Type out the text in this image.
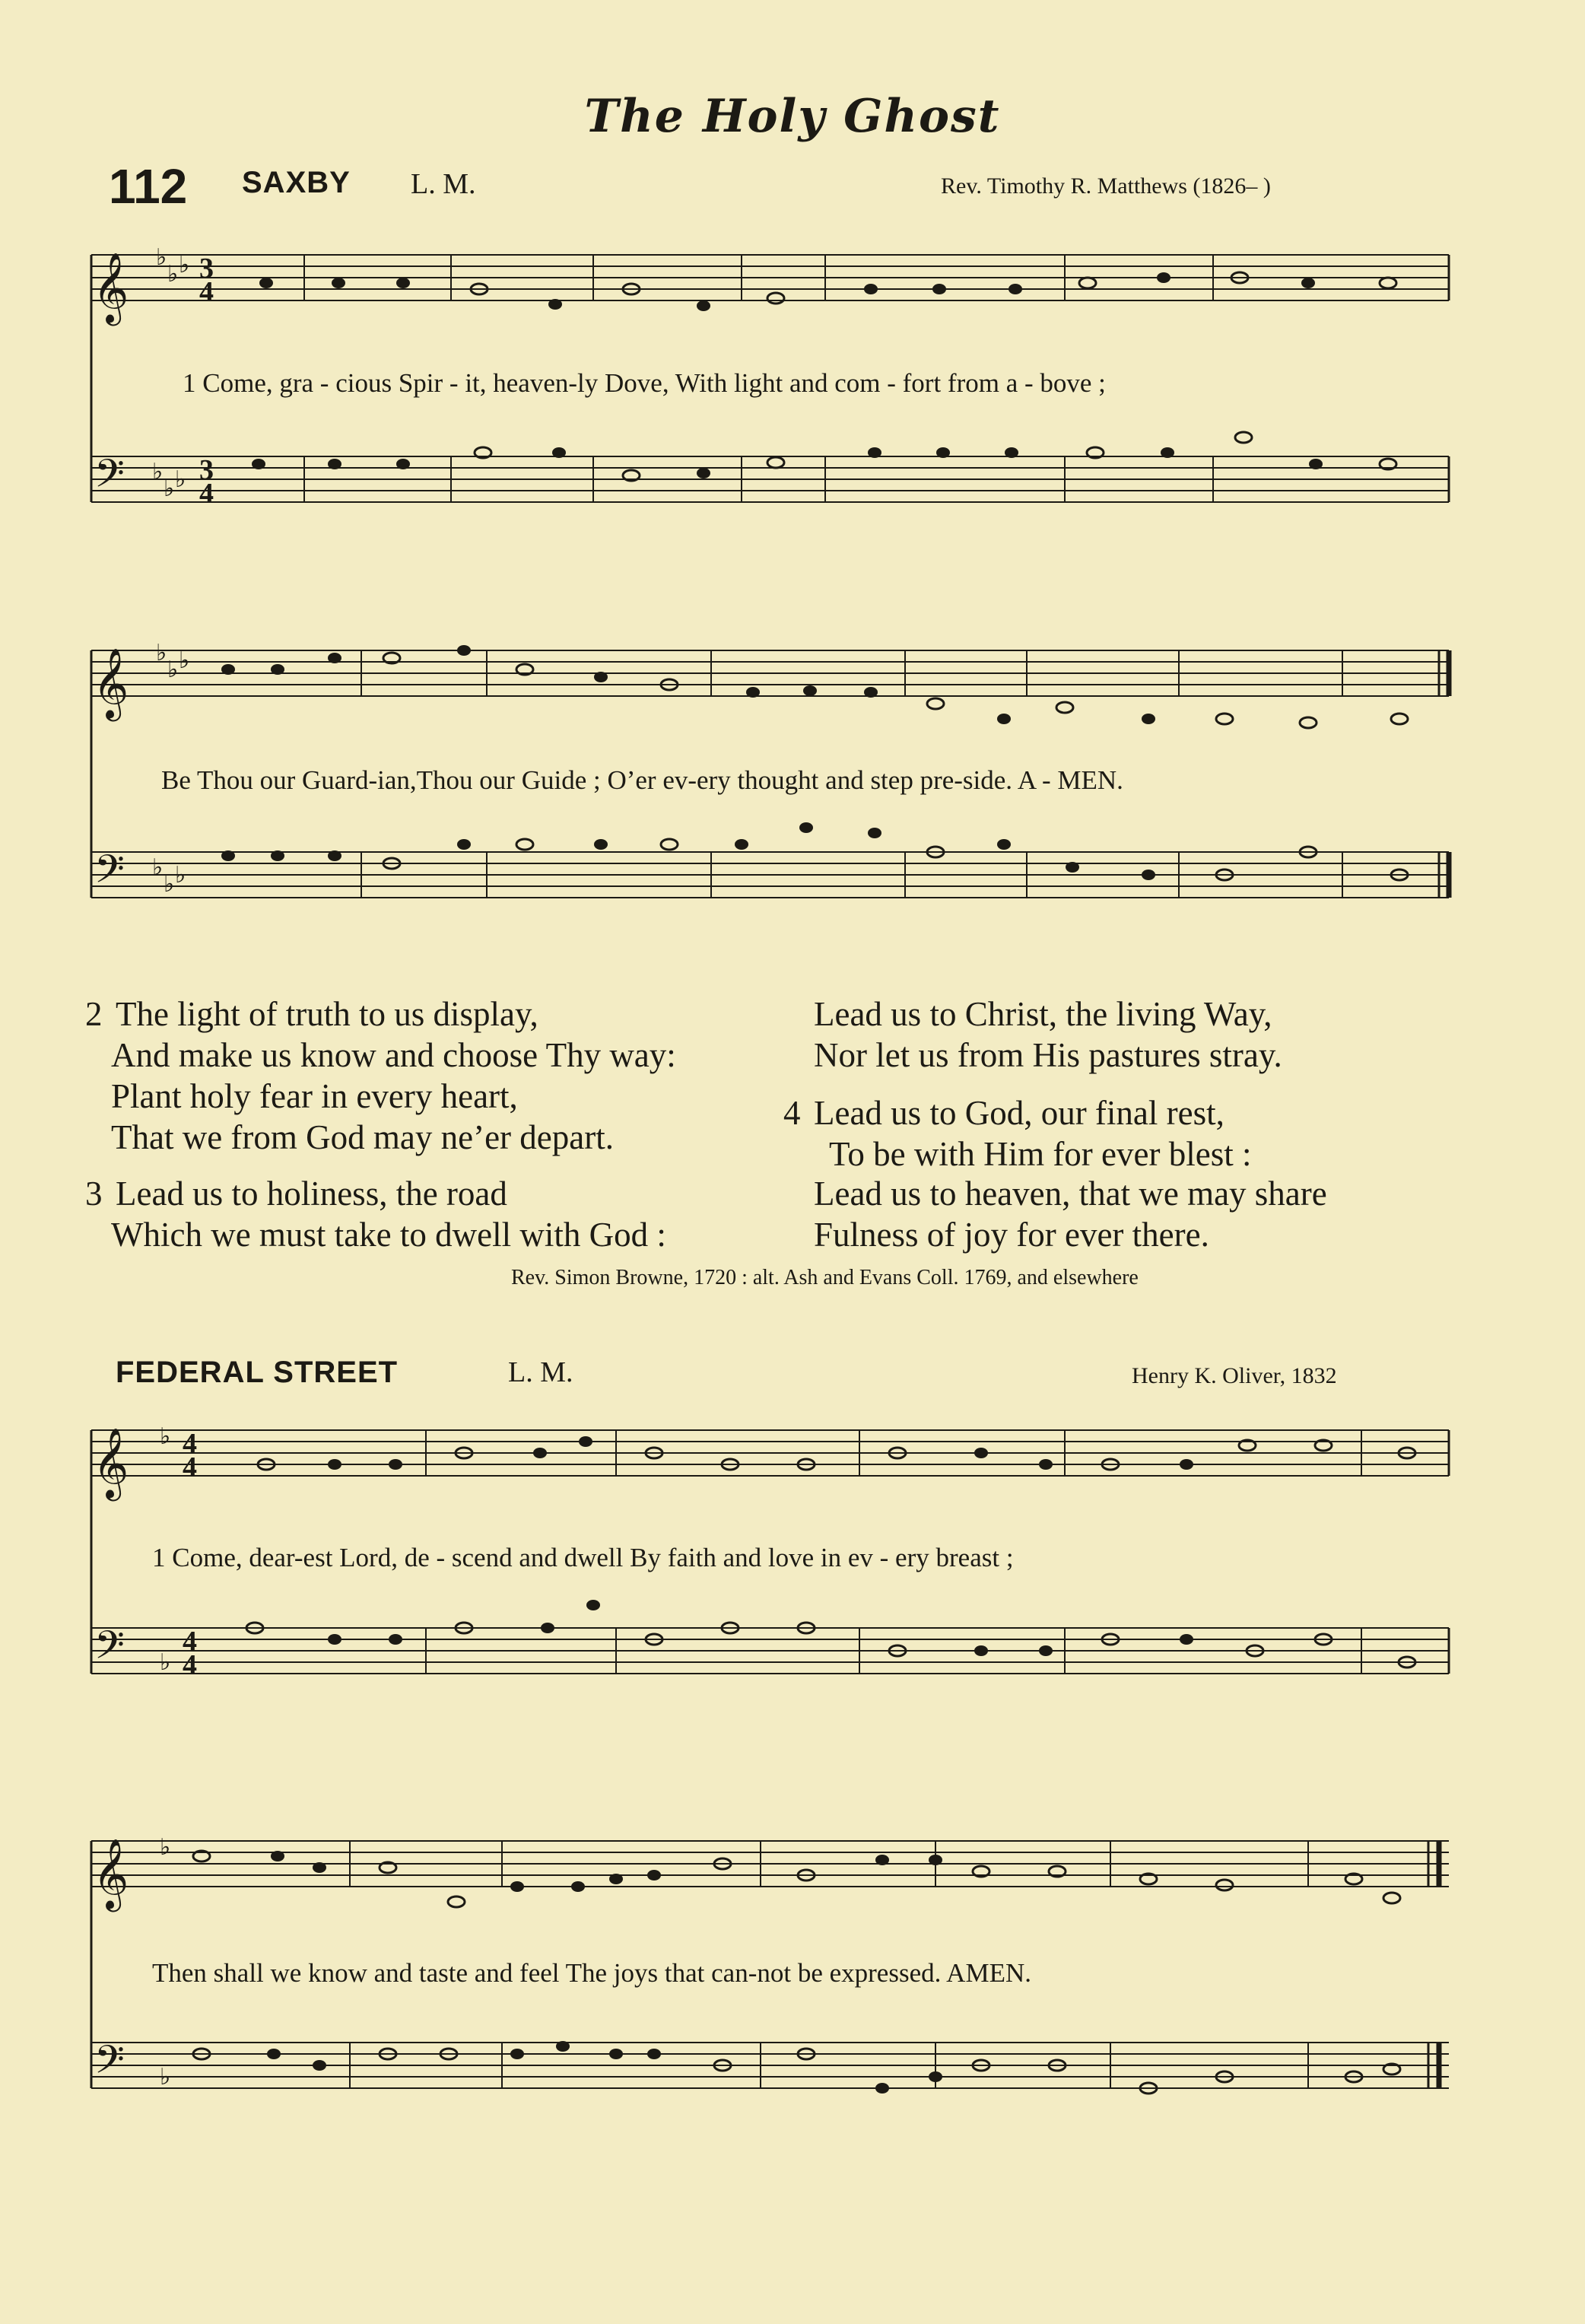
The Holy Ghost
112 SAXBY L. M.	Rev. Timothy R. Matthews (1826– )
𝄞
𝄢
𝄞
𝄢
𝄞
𝄢
𝄞
𝄢
♭
♭ ♭
♭
♭ ♭
♭
♭ ♭
♭
♭ ♭
♭
♭
♭
♭
3
4
3
4
4
4
4
4
1 Come, gra - cious Spir - it, heaven-ly Dove, With light and com - fort from a - bove ;
Be Thou our Guard-ian,Thou our Guide ; O’er ev-ery thought and step pre-side. A - MEN.
2 The light of truth to us display,
And make us know and choose Thy way:
Plant holy fear in every heart,
That we from God may ne’er depart.
3 Lead us to holiness, the road
Which we must take to dwell with God :
Lead us to Christ, the living Way,
Nor let us from His pastures stray.
4 Lead us to God, our final rest,
To be with Him for ever blest :
Lead us to heaven, that we may share
Fulness of joy for ever there.
Rev. Simon Browne, 1720 : alt. Ash and Evans Coll. 1769, and elsewhere
FEDERAL STREET	L. M.	Henry K. Oliver, 1832
1 Come, dear-est Lord, de - scend and dwell By faith and love in ev - ery breast ;
Then shall we know and taste and feel The joys that can-not be expressed. AMEN.
